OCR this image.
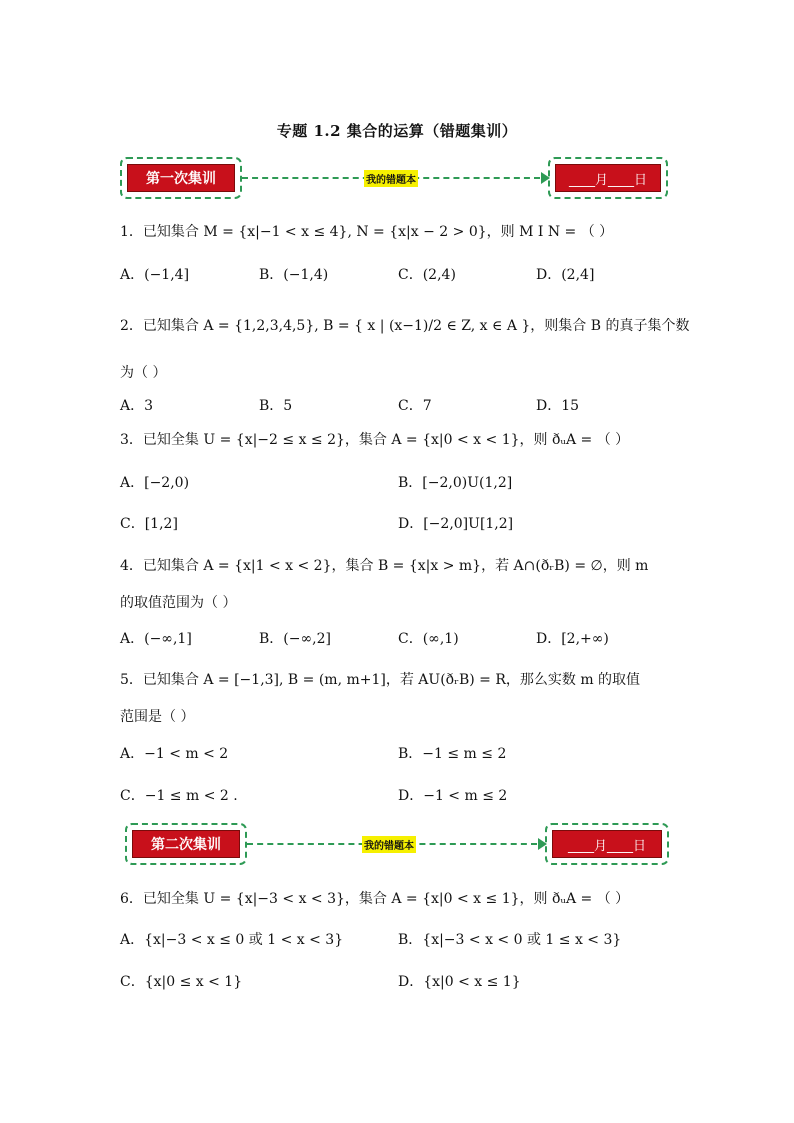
专题 1.2 集合的运算（错题集训）
第一次集训	我的错题本	____月____日
1．已知集合 M = {x|−1 < x ≤ 4}, N = {x|x − 2 > 0}，则 M I N = （ ）
A．(−1,4]	B．(−1,4)	C．(2,4)	D．(2,4]
2．已知集合 A = {1,2,3,4,5}, B = { x | (x−1)/2 ∈ Z, x ∈ A }，则集合 B 的真子集个数
为（ ）
A．3	B．5	C．7	D．15
3．已知全集 U = {x|−2 ≤ x ≤ 2}，集合 A = {x|0 < x < 1}，则 ðᵤA = （ ）
A．[−2,0)	B．[−2,0)U(1,2]
C．[1,2]	D．[−2,0]U[1,2]
4．已知集合 A = {x|1 < x < 2}，集合 B = {x|x > m}，若 A∩(ðᵣB) = ∅，则 m
的取值范围为（ ）
A．(−∞,1]	B．(−∞,2]	C．(∞,1)	D．[2,+∞)
5．已知集合 A = [−1,3], B = (m, m+1]，若 AU(ðᵣB) = R，那么实数 m 的取值
范围是（ ）
A．−1 < m < 2	B．−1 ≤ m ≤ 2
C．−1 ≤ m < 2 .	D．−1 < m ≤ 2
第二次集训	我的错题本	____月____日
6．已知全集 U = {x|−3 < x < 3}，集合 A = {x|0 < x ≤ 1}，则 ðᵤA = （ ）
A．{x|−3 < x ≤ 0 或 1 < x < 3}	B．{x|−3 < x < 0 或 1 ≤ x < 3}
C．{x|0 ≤ x < 1}	D．{x|0 < x ≤ 1}
